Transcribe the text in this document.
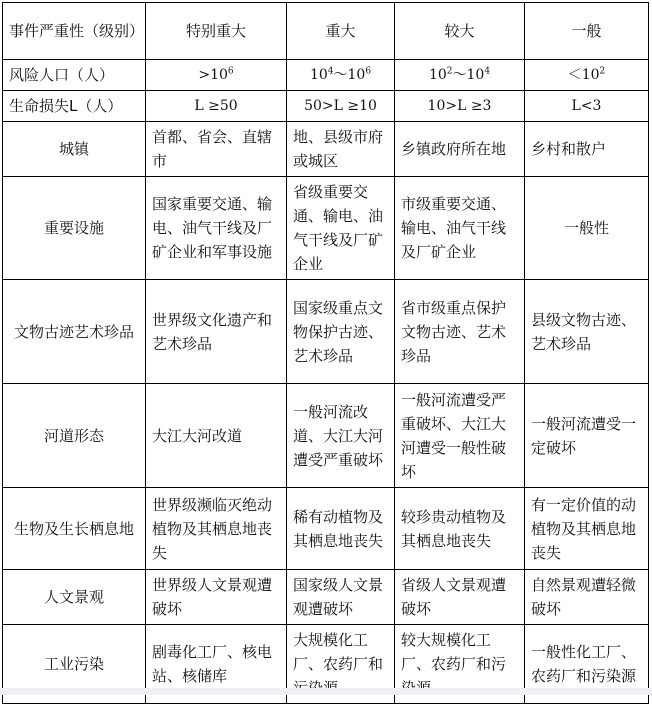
事件严重性（级别）	特别重大	重大	较大	一般
风险人口（人）	$>10^6$	$10^4\sim 10^6$	$10^2\sim 10^4$	$<10^2$
生命损失L（人）	L ≥50	50>L ≥10	10>L ≥3	L<3
城镇	首都、省会、直辖市	地、县级市府或城区	乡镇政府所在地	乡村和散户
重要设施	国家重要交通、输电、油气干线及厂矿企业和军事设施	省级重要交通、输电、油气干线及厂矿企业	市级重要交通、输电、油气干线及厂矿企业	一般性
文物古迹艺术珍品	世界级文化遗产和艺术珍品	国家级重点文物保护古迹、艺术珍品	省市级重点保护文物古迹、艺术珍品	县级文物古迹、艺术珍品
河道形态	大江大河改道	一般河流改道、大江大河遭受严重破坏	一般河流遭受严重破坏、大江大河遭受一般性破坏	一般河流遭受一定破坏
生物及生长栖息地	世界级濒临灭绝动植物及其栖息地丧失	稀有动植物及其栖息地丧失	较珍贵动植物及其栖息地丧失	有一定价值的动植物及其栖息地丧失
人文景观	世界级人文景观遭破坏	国家级人文景观遭破坏	省级人文景观遭破坏	自然景观遭轻微破坏
工业污染	剧毒化工厂、核电站、核储库	大规模化工厂、农药厂和	较大规模化工厂、农药厂和污	一般性化工厂、农药厂和污染源
